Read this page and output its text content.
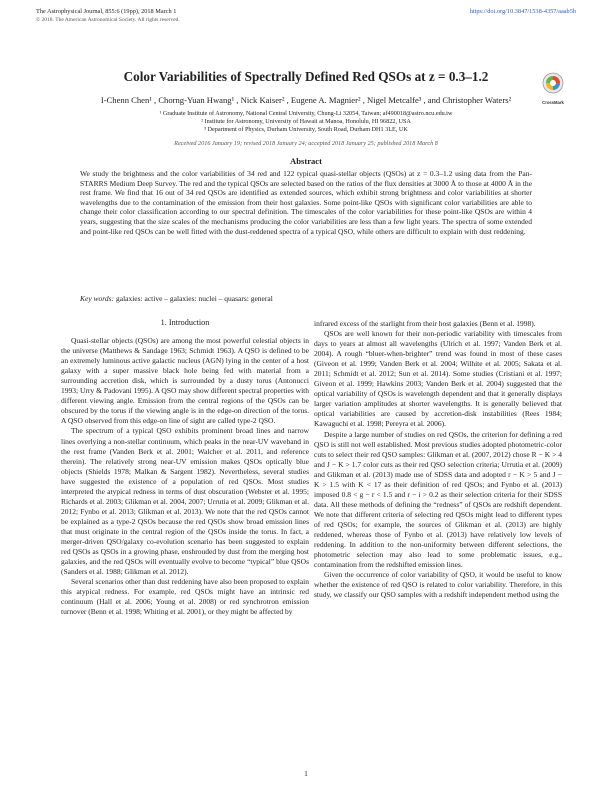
The Astrophysical Journal, 855:6 (19pp), 2018 March 1
© 2018. The American Astronomical Society. All rights reserved.
https://doi.org/10.3847/1538-4357/aaab5b
CrossMark
Color Variabilities of Spectrally Defined Red QSOs at z = 0.3–1.2
I-Chenn Chen¹ , Chorng-Yuan Hwang¹ , Nick Kaiser² , Eugene A. Magnier² , Nigel Metcalfe³ , and Christopher Waters²
¹ Graduate Institute of Astronomy, National Central University, Chung-Li 32054, Taiwan; af490018@astro.ncu.edu.tw
² Institute for Astronomy, University of Hawaii at Manoa, Honolulu, HI 96822, USA
³ Department of Physics, Durham University, South Road, Durham DH1 3LE, UK
Received 2016 January 19; revised 2018 January 24; accepted 2018 January 25; published 2018 March 8
Abstract
We study the brightness and the color variabilities of 34 red and 122 typical quasi-stellar objects (QSOs) at z = 0.3–1.2 using data from the Pan-STARRS Medium Deep Survey. The red and the typical QSOs are selected based on the ratios of the flux densities at 3000 Å to those at 4000 Å in the rest frame. We find that 16 out of 34 red QSOs are identified as extended sources, which exhibit strong brightness and color variabilities at shorter wavelengths due to the contamination of the emission from their host galaxies. Some point-like QSOs with significant color variabilities are able to change their color classification according to our spectral definition. The timescales of the color variabilities for these point-like QSOs are within 4 years, suggesting that the size scales of the mechanisms producing the color variabilities are less than a few light years. The spectra of some extended and point-like red QSOs can be well fitted with the dust-reddened spectra of a typical QSO, while others are difficult to explain with dust reddening.
Key words: galaxies: active – galaxies: nuclei – quasars: general
1. Introduction

Quasi-stellar objects (QSOs) are among the most powerful celestial objects in the universe (Matthews & Sandage 1963; Schmidt 1963). A QSO is defined to be an extremely luminous active galactic nucleus (AGN) lying in the center of a host galaxy with a super massive black hole being fed with material from a surrounding accretion disk, which is surrounded by a dusty torus (Antonucci 1993; Urry & Padovani 1995). A QSO may show different spectral properties with different viewing angle. Emission from the central regions of the QSOs can be obscured by the torus if the viewing angle is in the edge-on direction of the torus. A QSO observed from this edge-on line of sight are called type-2 QSO.

The spectrum of a typical QSO exhibits prominent broad lines and narrow lines overlying a non-stellar continuum, which peaks in the near-UV waveband in the rest frame (Vanden Berk et al. 2001; Walcher et al. 2011, and reference therein). The relatively strong near-UV emission makes QSOs optically blue objects (Shields 1978; Malkan & Sargent 1982). Nevertheless, several studies have suggested the existence of a population of red QSOs. Most studies interpreted the atypical redness in terms of dust obscuration (Webster et al. 1995; Richards et al. 2003; Glikman et al. 2004, 2007; Urrutia et al. 2009; Glikman et al. 2012; Fynbo et al. 2013; Glikman et al. 2013). We note that the red QSOs cannot be explained as a type-2 QSOs because the red QSOs show broad emission lines that must originate in the central region of the QSOs inside the torus. In fact, a merger-driven QSO/galaxy co-evolution scenario has been suggested to explain red QSOs as QSOs in a growing phase, enshrouded by dust from the merging host galaxies, and the red QSOs will eventually evolve to become “typical” blue QSOs (Sanders et al. 1988; Glikman et al. 2012).

Several scenarios other than dust reddening have also been proposed to explain this atypical redness. For example, red QSOs might have an intrinsic red continuum (Hall et al. 2006; Young et al. 2008) or red synchrotron emission turnover (Benn et al. 1998; Whiting et al. 2001), or they might be affected by

infrared excess of the starlight from their host galaxies (Benn et al. 1998).

QSOs are well known for their non-periodic variability with timescales from days to years at almost all wavelengths (Ulrich et al. 1997; Vanden Berk et al. 2004). A rough “bluer-when-brighter” trend was found in most of these cases (Giveon et al. 1999; Vanden Berk et al. 2004; Wilhite et al. 2005; Sakata et al. 2011; Schmidt et al. 2012; Sun et al. 2014). Some studies (Cristiani et al. 1997; Giveon et al. 1999; Hawkins 2003; Vanden Berk et al. 2004) suggested that the optical variability of QSOs is wavelength dependent and that it generally displays larger variation amplitudes at shorter wavelengths. It is generally believed that optical variabilities are caused by accretion-disk instabilities (Rees 1984; Kawaguchi et al. 1998; Pereyra et al. 2006).

Despite a large number of studies on red QSOs, the criterion for defining a red QSO is still not well established. Most previous studies adopted photometric-color cuts to select their red QSO samples: Glikman et al. (2007, 2012) chose R − K > 4 and J − K > 1.7 color cuts as their red QSO selection criteria; Urrutia et al. (2009) and Glikman et al. (2013) made use of SDSS data and adopted r − K > 5 and J − K > 1.5 with K < 17 as their definition of red QSOs; and Fynbo et al. (2013) imposed 0.8 < g − r < 1.5 and r − i > 0.2 as their selection criteria for their SDSS data. All these methods of defining the “redness” of QSOs are redshift dependent. We note that different criteria of selecting red QSOs might lead to different types of red QSOs; for example, the sources of Glikman et al. (2013) are highly reddened, whereas those of Fynbo et al. (2013) have relatively low levels of reddening. In addition to the non-uniformity between different selections, the photometric selection may also lead to some problematic issues, e.g., contamination from the redshifted emission lines.

Given the occurrence of color variability of QSO, it would be useful to know whether the existence of red QSO is related to color variability. Therefore, in this study, we classify our QSO samples with a redshift independent method using the

1
